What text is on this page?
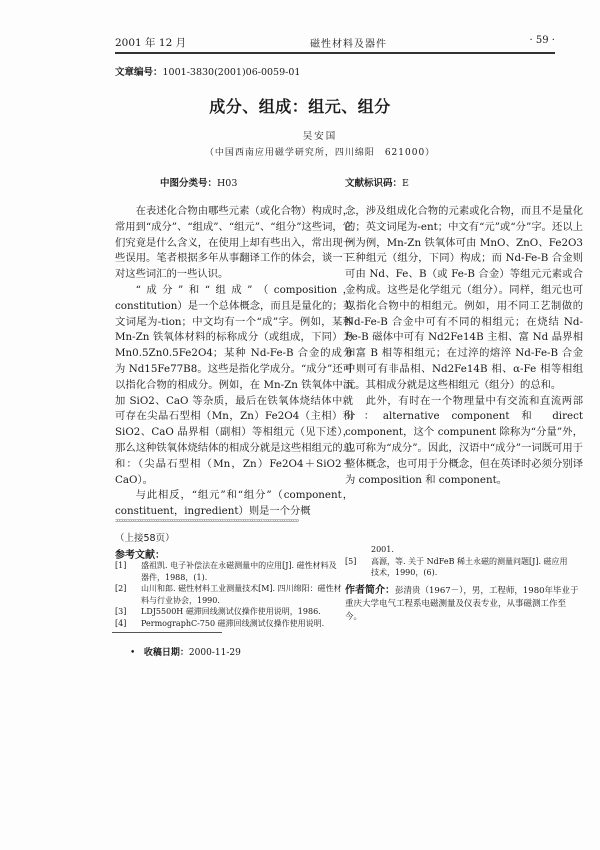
2001 年 12 月	磁性材料及器件	· 59 ·
文章编号：1001-3830(2001)06-0059-01
成分、组成：组元、组分
吴安国
（中国西南应用磁学研究所，四川绵阳　621000）
中图分类号：H03	文献标识码：E

在表述化合物由哪些元素（或化合物）构成时，常用到“成分”、“组成”、“组元”、“组分”这些词，它们究竟是什么含义，在使用上却有些出入，常出现一些误用。笔者根据多年从事翻译工作的体会，谈一下对这些词汇的一些认识。

“成分”和“组成”（composition，constitution）是一个总体概念，而且是量化的；英文词尾为-tion；中文均有一个“成”字。例如，某种 Mn-Zn 铁氧体材料的标称成分（或组成，下同）为 Mn0.5Zn0.5Fe2O4；某种 Nd-Fe-B 合金的成分为 Nd15Fe77B8。这些是指化学成分。“成分”还可以指化合物的相成分。例如，在 Mn-Zn 铁氧体中添加 SiO2、CaO 等杂质，最后在铁氧体烧结体中就可存在尖晶石型相（Mn，Zn）Fe2O4（主相）和 SiO2、CaO 晶界相（副相）等相组元（见下述），那么这种铁氧体烧结体的相成分就是这些相组元的总和：（尖晶石型相（Mn，Zn）Fe2O4＋SiO2＋CaO）。

与此相反，“组元”和“组分”（component，constituent，ingredient）则是一个分概

念，涉及组成化合物的元素或化合物，而且不是量化的；英文词尾为-ent；中文有“元”或“分”字。还以上例为例，Mn-Zn 铁氧体可由 MnO、ZnO、Fe2O3 三种组元（组分，下同）构成；而 Nd-Fe-B 合金则可由 Nd、Fe、B（或 Fe-B 合金）等组元元素或合金构成。这些是化学组元（组分）。同样，组元也可以指化合物中的相组元。例如，用不同工艺制做的 Nd-Fe-B 合金中可有不同的相组元；在烧结 Nd-Fe-B 磁体中可有 Nd2Fe14B 主相、富 Nd 晶界相和富 B 相等相组元；在过淬的熔淬 Nd-Fe-B 合金中则可有非晶相、Nd2Fe14B 相、α-Fe 相等相组元。其相成分就是这些相组元（组分）的总和。

此外，有时在一个物理量中有交流和直流两部分：alternative component 和 direct component，这个 compunent 除称为“分量”外，也可称为“成分”。因此，汉语中“成分”一词既可用于整体概念，也可用于分概念，但在英译时必须分别译为 composition 和 component。

ᵙᵙᵙᵙᵙᵙᵙᵙᵙᵙᵙᵙᵙᵙᵙᵙᵙᵙᵙᵙᵙᵙᵙᵙᵙᵙᵙᵙᵙᵙᵙᵙᵙᵙᵙᵙᵙᵙᵙᵙᵙᵙᵙᵙᵙᵙᵙᵙᵙᵙᵙᵙᵙᵙᵙᵙᵙᵙᵙᵙᵙᵙᵙᵙᵙᵙᵙᵙᵙᵙᵙᵙᵙᵙᵙᵙᵙᵙᵙᵙ
（上接58页）
参考文献：

[1] 盛祖凯. 电子补偿法在永磁测量中的应用[J]. 磁性材料及器件，1988，(1).

[2] 山川和郎. 磁性材料工业测量技术[M]. 四川绵阳：磁性材料与行业协会，1990.

[3] LDJ5500H 磁滞回线测试仪操作使用说明，1986.

[4] PermographC-750 磁滞回线测试仪操作使用说明.

2001.

[5] 高源，等. 关于 NdFeB 稀土永磁的测量问题[J]. 磁应用技术，1990，(6).

作者简介：彭清贵（1967－），男，工程师，1980年毕业于重庆大学电气工程系电磁测量及仪表专业，从事磁测工作至今。
•   收稿日期：2000-11-29
